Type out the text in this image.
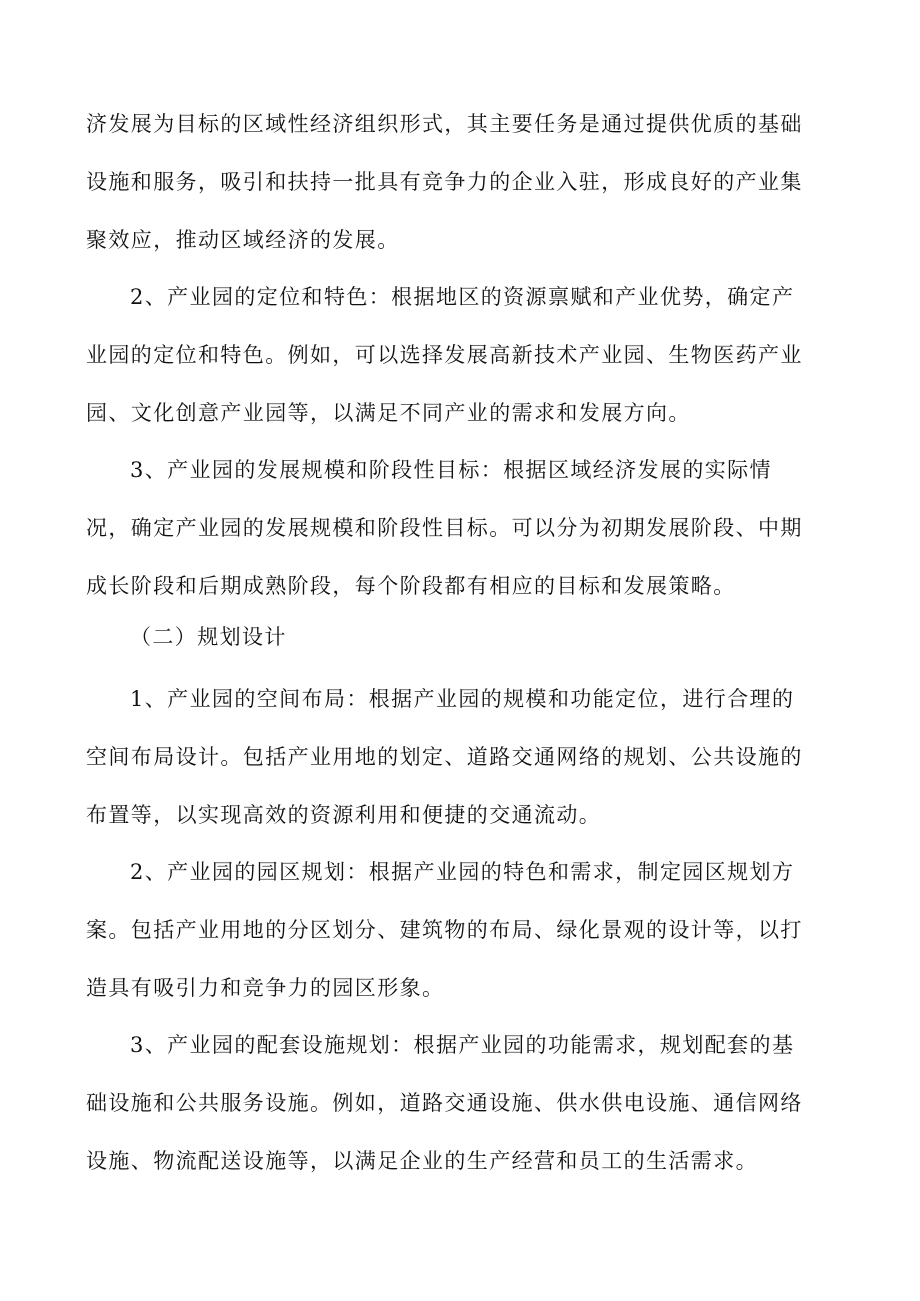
济发展为目标的区域性经济组织形式，其主要任务是通过提供优质的基础
设施和服务，吸引和扶持一批具有竞争力的企业入驻，形成良好的产业集
聚效应，推动区域经济的发展。
2、产业园的定位和特色：根据地区的资源禀赋和产业优势，确定产
业园的定位和特色。例如，可以选择发展高新技术产业园、生物医药产业
园、文化创意产业园等，以满足不同产业的需求和发展方向。
3、产业园的发展规模和阶段性目标：根据区域经济发展的实际情
况，确定产业园的发展规模和阶段性目标。可以分为初期发展阶段、中期
成长阶段和后期成熟阶段，每个阶段都有相应的目标和发展策略。
（二）规划设计
1、产业园的空间布局：根据产业园的规模和功能定位，进行合理的
空间布局设计。包括产业用地的划定、道路交通网络的规划、公共设施的
布置等，以实现高效的资源利用和便捷的交通流动。
2、产业园的园区规划：根据产业园的特色和需求，制定园区规划方
案。包括产业用地的分区划分、建筑物的布局、绿化景观的设计等，以打
造具有吸引力和竞争力的园区形象。
3、产业园的配套设施规划：根据产业园的功能需求，规划配套的基
础设施和公共服务设施。例如，道路交通设施、供水供电设施、通信网络
设施、物流配送设施等，以满足企业的生产经营和员工的生活需求。
